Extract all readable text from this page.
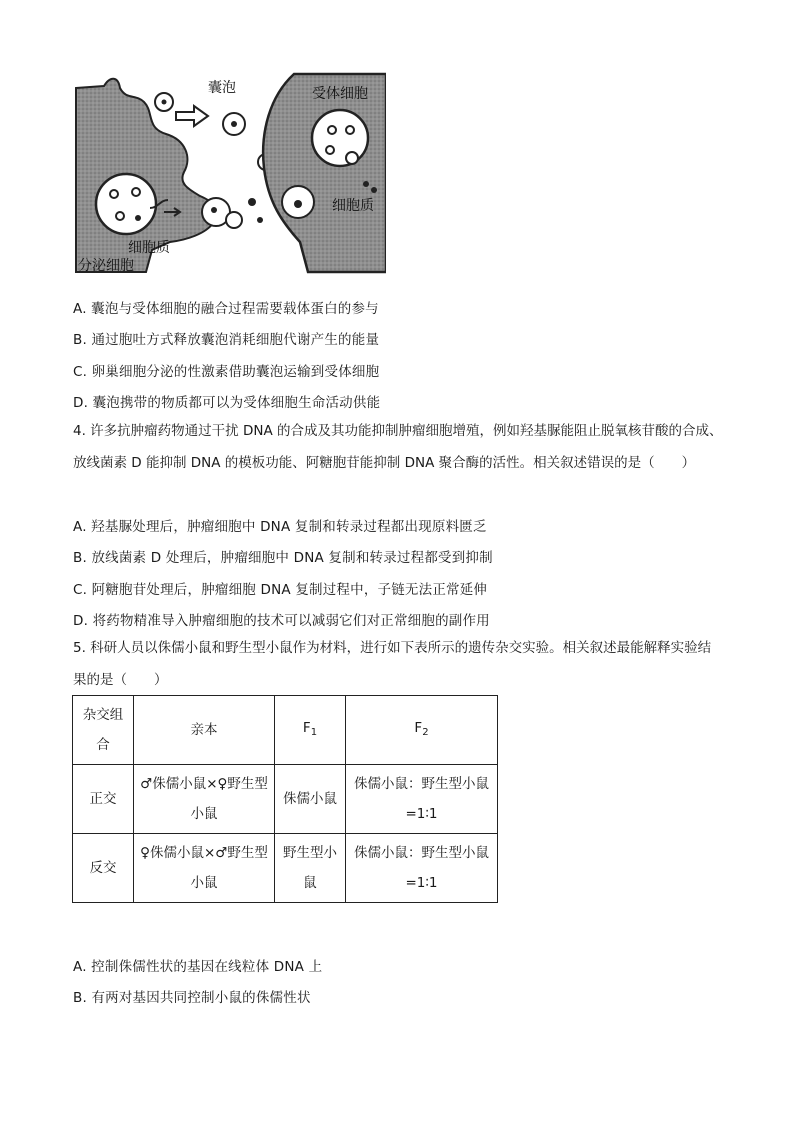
囊泡	受体细胞
细胞质
细胞质
分泌细胞
A. 囊泡与受体细胞的融合过程需要载体蛋白的参与
B. 通过胞吐方式释放囊泡消耗细胞代谢产生的能量
C. 卵巢细胞分泌的性激素借助囊泡运输到受体细胞
D. 囊泡携带的物质都可以为受体细胞生命活动供能
4. 许多抗肿瘤药物通过干扰 DNA 的合成及其功能抑制肿瘤细胞增殖，例如羟基脲能阻止脱氧核苷酸的合成、放线菌素 D 能抑制 DNA 的模板功能、阿糖胞苷能抑制 DNA 聚合酶的活性。相关叙述错误的是（　　）
A. 羟基脲处理后，肿瘤细胞中 DNA 复制和转录过程都出现原料匮乏
B. 放线菌素 D 处理后，肿瘤细胞中 DNA 复制和转录过程都受到抑制
C. 阿糖胞苷处理后，肿瘤细胞 DNA 复制过程中，子链无法正常延伸
D. 将药物精准导入肿瘤细胞的技术可以减弱它们对正常细胞的副作用
5. 科研人员以侏儒小鼠和野生型小鼠作为材料，进行如下表所示的遗传杂交实验。相关叙述最能解释实验结果的是（　　）
杂交组合	亲本	$F_1$	$F_2$
正交	♂侏儒小鼠×♀野生型小鼠	侏儒小鼠	侏儒小鼠：野生型小鼠=1∶1
反交	♀侏儒小鼠×♂野生型小鼠	野生型小鼠	侏儒小鼠：野生型小鼠=1∶1
A. 控制侏儒性状的基因在线粒体 DNA 上
B. 有两对基因共同控制小鼠的侏儒性状
